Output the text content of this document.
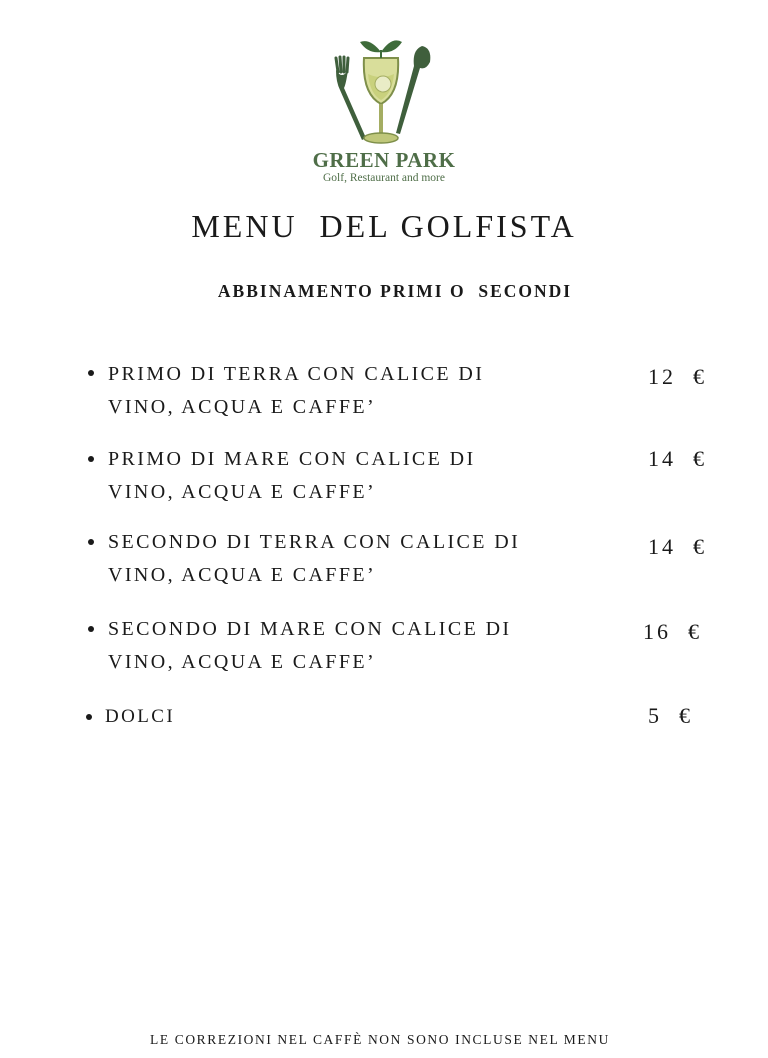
GREEN PARK
Golf, Restaurant and more
MENU  DEL GOLFISTA
ABBINAMENTO PRIMI O  SECONDI
PRIMO DI TERRA CON CALICE DI VINO, ACQUA E CAFFE’
12  €
PRIMO DI MARE CON CALICE DI VINO, ACQUA E CAFFE’
14  €
SECONDO DI TERRA CON CALICE DI VINO, ACQUA E CAFFE’
14  €
SECONDO DI MARE CON CALICE DI VINO, ACQUA E CAFFE’
16  €
DOLCI	5  €
LE CORREZIONI NEL CAFFÈ NON SONO INCLUSE NEL MENU
